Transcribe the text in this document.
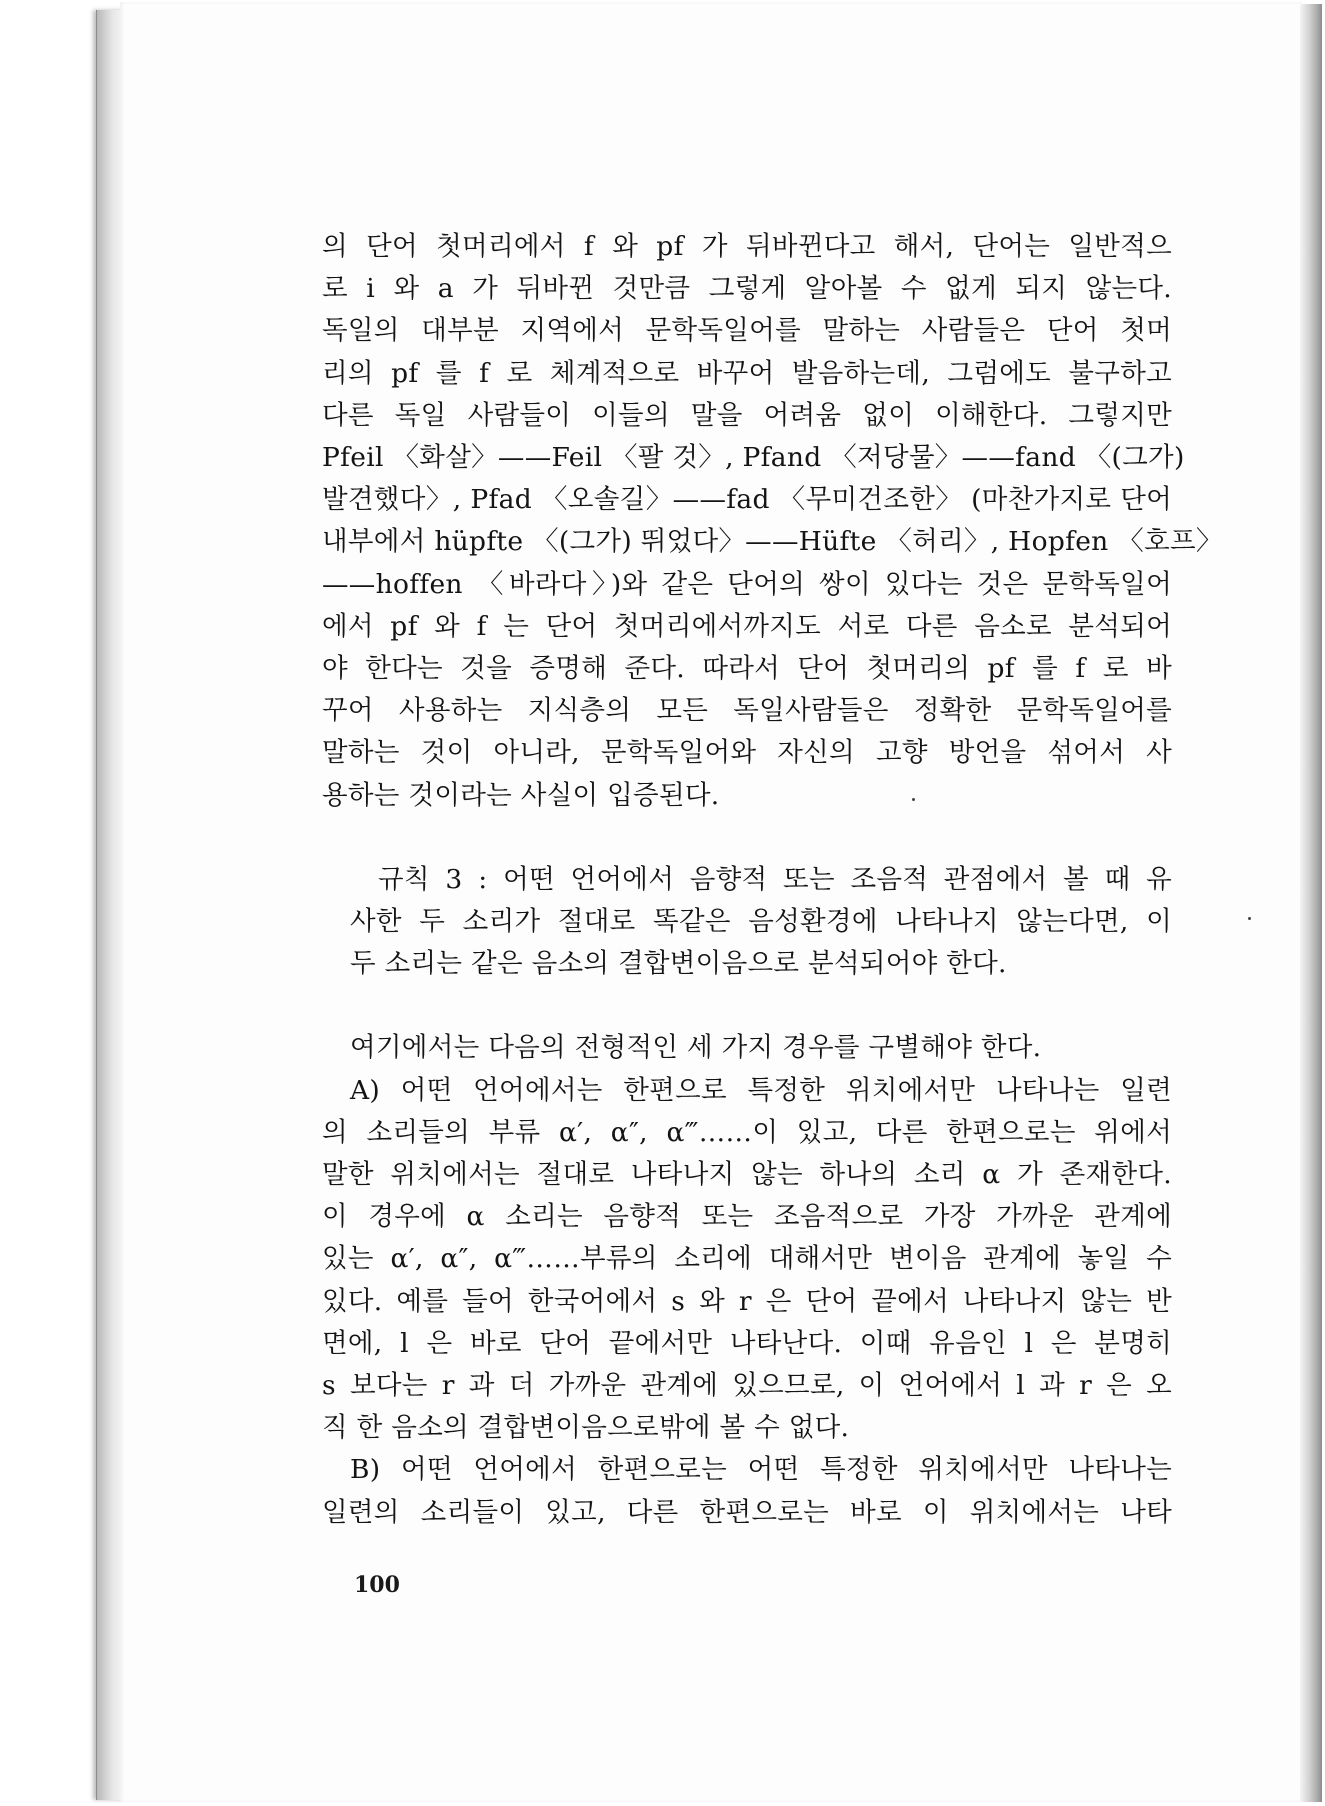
의 단어 첫머리에서 f 와 pf 가 뒤바뀐다고 해서, 단어는 일반적으
로 i 와 a 가 뒤바뀐 것만큼 그렇게 알아볼 수 없게 되지 않는다.
독일의 대부분 지역에서 문학독일어를 말하는 사람들은 단어 첫머
리의 pf 를 f 로 체계적으로 바꾸어 발음하는데, 그럼에도 불구하고
다른 독일 사람들이 이들의 말을 어려움 없이 이해한다. 그렇지만
Pfeil 〈화살〉——Feil 〈팔 것〉, Pfand 〈저당물〉——fand 〈(그가)
발견했다〉, Pfad 〈오솔길〉——fad 〈무미건조한〉 (마찬가지로 단어
내부에서 hüpfte 〈(그가) 뛰었다〉——Hüfte 〈허리〉, Hopfen 〈호프〉
——hoffen 〈바라다〉)와 같은 단어의 쌍이 있다는 것은 문학독일어
에서 pf 와 f 는 단어 첫머리에서까지도 서로 다른 음소로 분석되어
야 한다는 것을 증명해 준다. 따라서 단어 첫머리의 pf 를 f 로 바
꾸어 사용하는 지식층의 모든 독일사람들은 정확한 문학독일어를
말하는 것이 아니라, 문학독일어와 자신의 고향 방언을 섞어서 사
용하는 것이라는 사실이 입증된다.
규칙 3 : 어떤 언어에서 음향적 또는 조음적 관점에서 볼 때 유
사한 두 소리가 절대로 똑같은 음성환경에 나타나지 않는다면, 이
두 소리는 같은 음소의 결합변이음으로 분석되어야 한다.
여기에서는 다음의 전형적인 세 가지 경우를 구별해야 한다.
A) 어떤 언어에서는 한편으로 특정한 위치에서만 나타나는 일련
의 소리들의 부류 α′, α″, α‴……이 있고, 다른 한편으로는 위에서
말한 위치에서는 절대로 나타나지 않는 하나의 소리 α 가 존재한다.
이 경우에 α 소리는 음향적 또는 조음적으로 가장 가까운 관계에
있는 α′, α″, α‴……부류의 소리에 대해서만 변이음 관계에 놓일 수
있다. 예를 들어 한국어에서 s 와 r 은 단어 끝에서 나타나지 않는 반
면에, l 은 바로 단어 끝에서만 나타난다. 이때 유음인 l 은 분명히
s 보다는 r 과 더 가까운 관계에 있으므로, 이 언어에서 l 과 r 은 오
직 한 음소의 결합변이음으로밖에 볼 수 없다.
B) 어떤 언어에서 한편으로는 어떤 특정한 위치에서만 나타나는
일련의 소리들이 있고, 다른 한편으로는 바로 이 위치에서는 나타
100
